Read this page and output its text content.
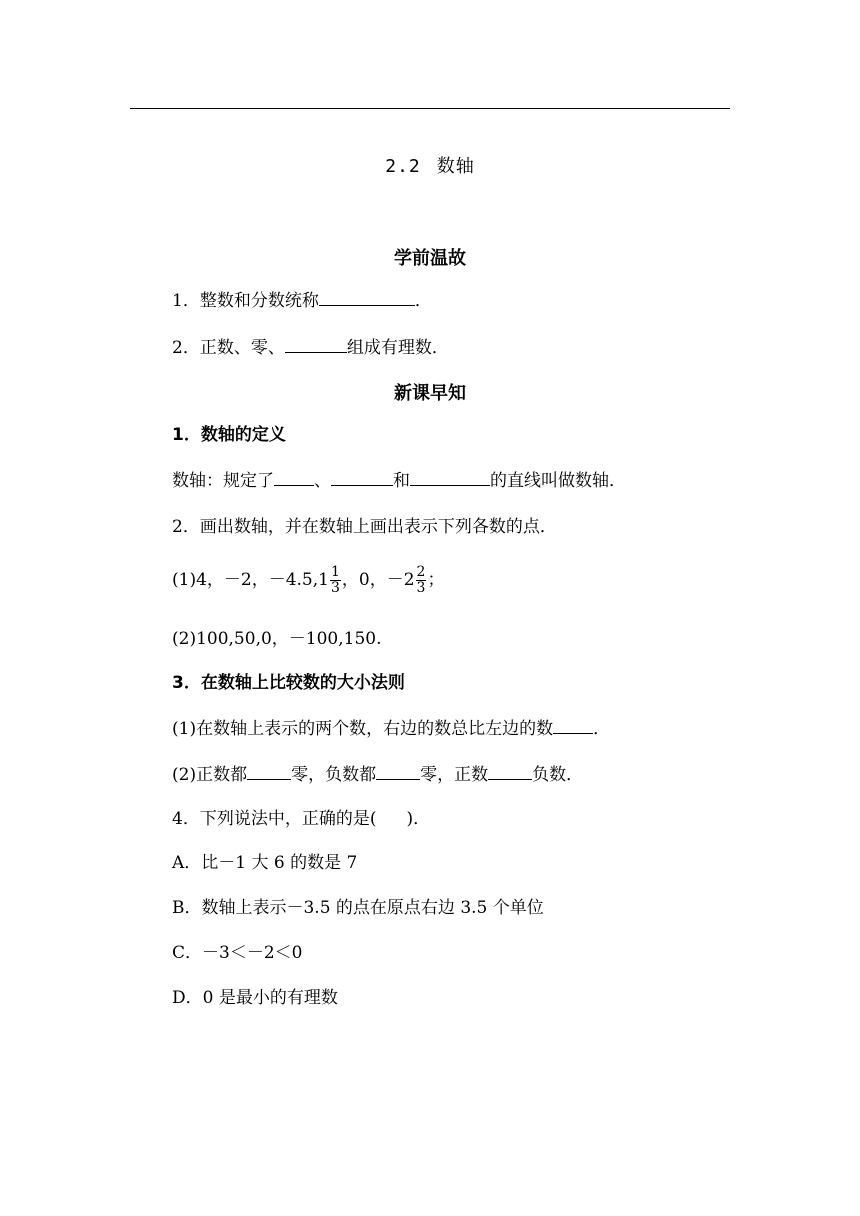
2.2 数轴
学前温故
1．整数和分数统称	．
2．正数、零、	组成有理数．
新课早知
1．数轴的定义
数轴：规定了 、	和	的直线叫做数轴．
2．画出数轴，并在数轴上画出表示下列各数的点．
(1)4，－2，$-4.5,1 \frac{1}{3}$ ，0，$-2 \frac{2}{3}$ ；
(2)100,50,0，－100,150.
3．在数轴上比较数的大小法则
(1)在数轴上表示的两个数，右边的数总比左边的数 ．
(2)正数都	零，负数都	零，正数	负数．
4．下列说法中，正确的是( )．
A．比－1 大 6 的数是 7
B．数轴上表示－3.5 的点在原点右边 3.5 个单位
C．－3＜－2＜0
D．0 是最小的有理数
